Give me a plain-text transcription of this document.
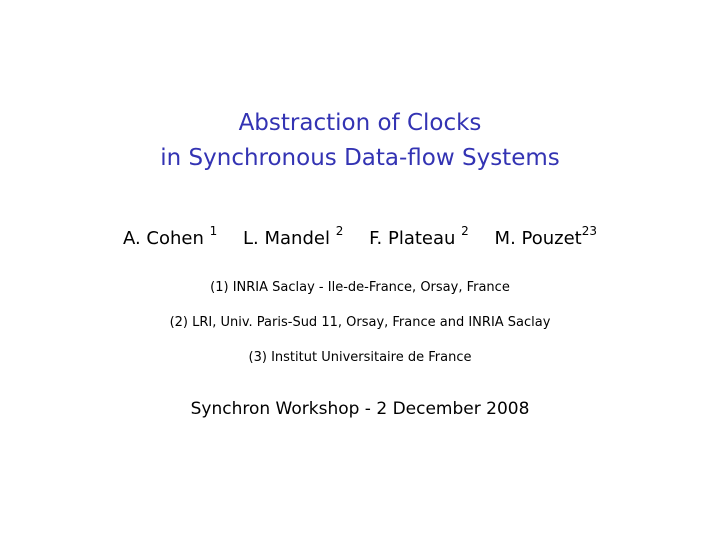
Abstraction of Clocks
in Synchronous Data-flow Systems
A. Cohen $^1$ L. Mandel $^2$ F. Plateau $^2$ M. Pouzet$^{23}$
(1) INRIA Saclay - Ile-de-France, Orsay, France
(2) LRI, Univ. Paris-Sud 11, Orsay, France and INRIA Saclay
(3) Institut Universitaire de France
Synchron Workshop - 2 December 2008
